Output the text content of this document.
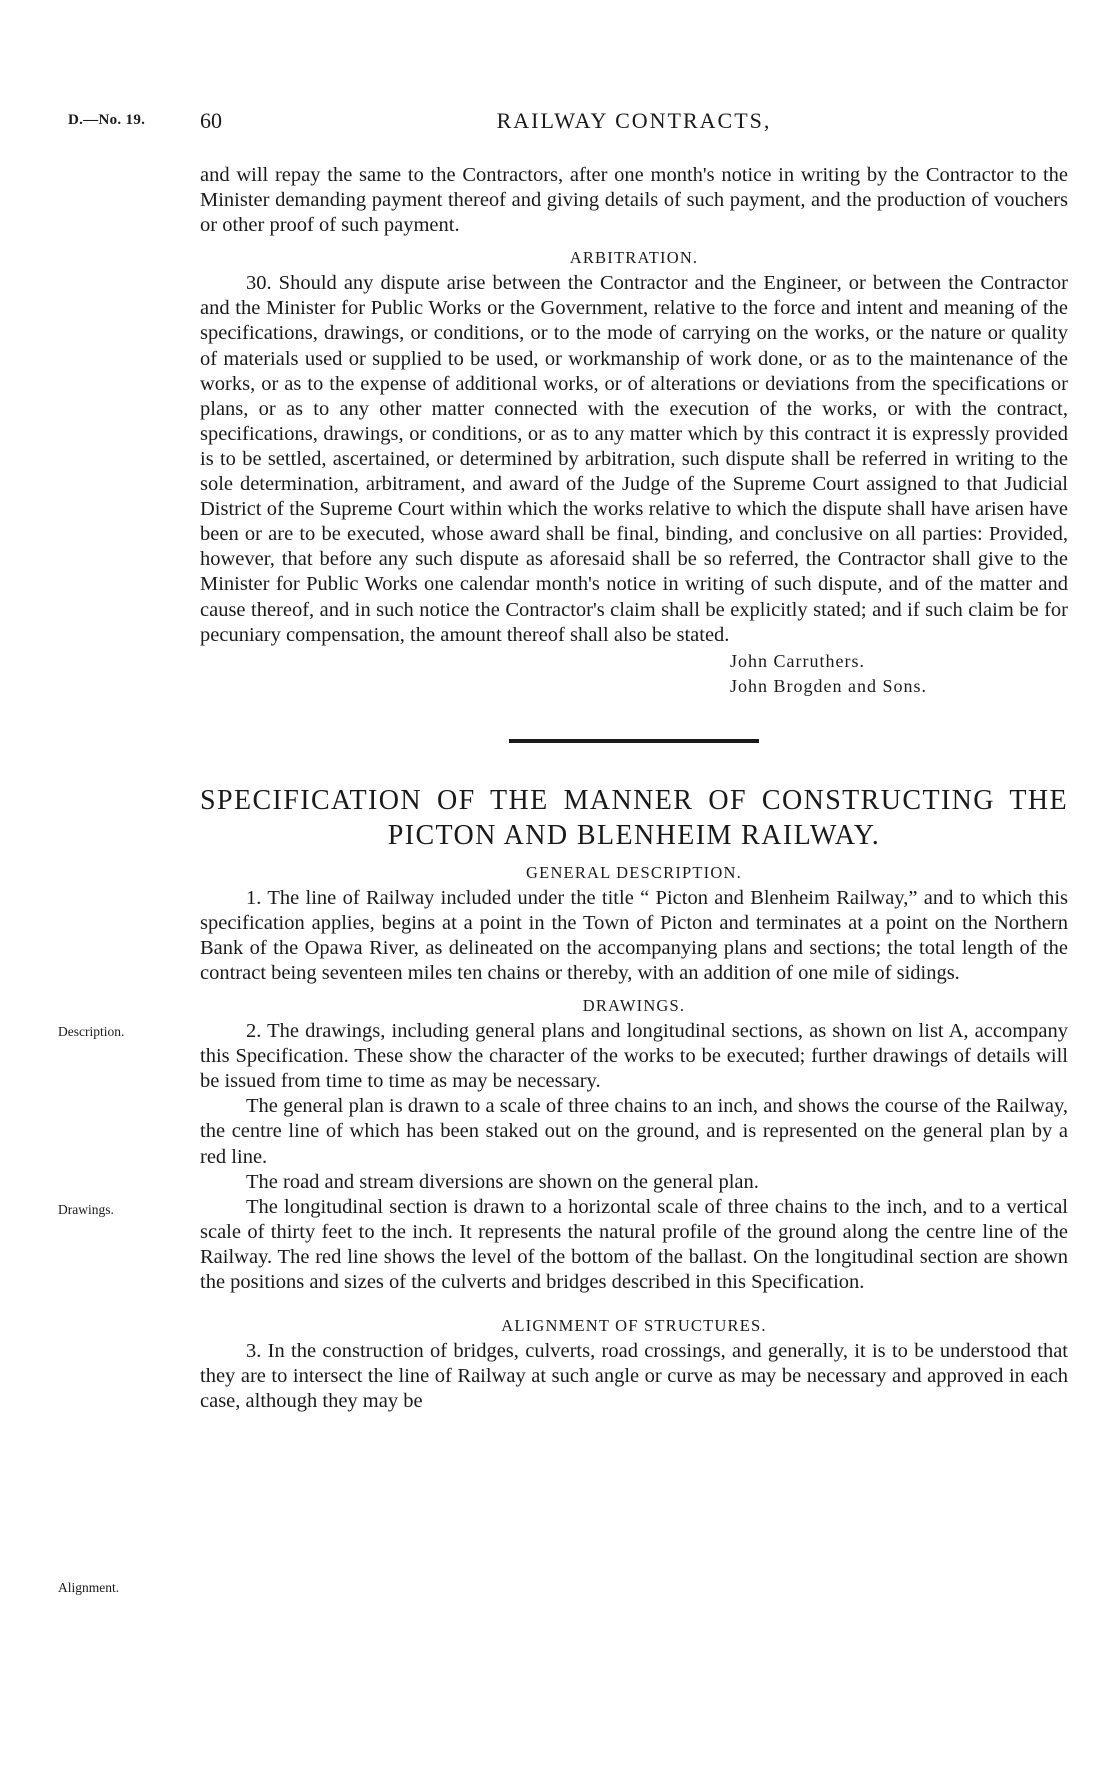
D.—No. 19. 60	RAILWAY CONTRACTS,
Description.
Drawings.
Alignment.

and will repay the same to the Contractors, after one month's notice in writing by the Contractor to the Minister demanding payment thereof and giving details of such payment, and the production of vouchers or other proof of such payment.

ARBITRATION.

30. Should any dispute arise between the Contractor and the Engineer, or between the Contractor and the Minister for Public Works or the Government, relative to the force and intent and meaning of the specifications, drawings, or conditions, or to the mode of carrying on the works, or the nature or quality of materials used or supplied to be used, or workmanship of work done, or as to the maintenance of the works, or as to the expense of additional works, or of alterations or deviations from the specifications or plans, or as to any other matter connected with the execution of the works, or with the contract, specifications, drawings, or conditions, or as to any matter which by this contract it is expressly provided is to be settled, ascertained, or determined by arbitration, such dispute shall be referred in writing to the sole determination, arbitrament, and award of the Judge of the Supreme Court assigned to that Judicial District of the Supreme Court within which the works relative to which the dispute shall have arisen have been or are to be executed, whose award shall be final, binding, and conclusive on all parties: Provided, however, that before any such dispute as aforesaid shall be so referred, the Contractor shall give to the Minister for Public Works one calendar month's notice in writing of such dispute, and of the matter and cause thereof, and in such notice the Contractor's claim shall be explicitly stated; and if such claim be for pecuniary compensation, the amount thereof shall also be stated.

John Carruthers.
John Brogden and Sons.
SPECIFICATION OF THE MANNER OF CONSTRUCTING THE
PICTON AND BLENHEIM RAILWAY.
GENERAL DESCRIPTION.

1. The line of Railway included under the title “ Picton and Blenheim Railway,” and to which this specification applies, begins at a point in the Town of Picton and terminates at a point on the Northern Bank of the Opawa River, as delineated on the accompanying plans and sections; the total length of the contract being seventeen miles ten chains or thereby, with an addition of one mile of sidings.

DRAWINGS.

2. The drawings, including general plans and longitudinal sections, as shown on list A, accompany this Specification. These show the character of the works to be executed; further drawings of details will be issued from time to time as may be necessary.

The general plan is drawn to a scale of three chains to an inch, and shows the course of the Railway, the centre line of which has been staked out on the ground, and is represented on the general plan by a red line.

The road and stream diversions are shown on the general plan.

The longitudinal section is drawn to a horizontal scale of three chains to the inch, and to a vertical scale of thirty feet to the inch. It represents the natural profile of the ground along the centre line of the Railway. The red line shows the level of the bottom of the ballast. On the longitudinal section are shown the positions and sizes of the culverts and bridges described in this Specification.

ALIGNMENT OF STRUCTURES.

3. In the construction of bridges, culverts, road crossings, and generally, it is to be understood that they are to intersect the line of Railway at such angle or curve as may be necessary and approved in each case, although they may be
